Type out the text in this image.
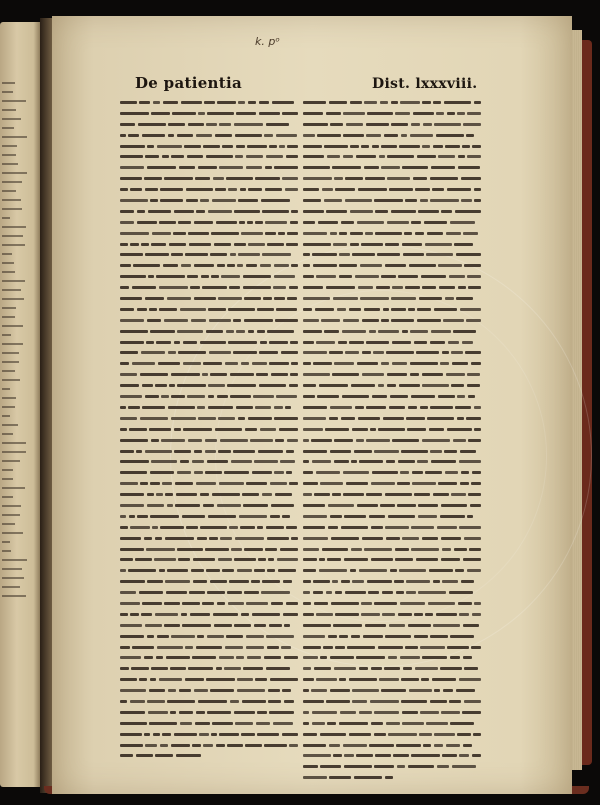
k. pᵒ
De patientia	Dist. lxxxviii.
